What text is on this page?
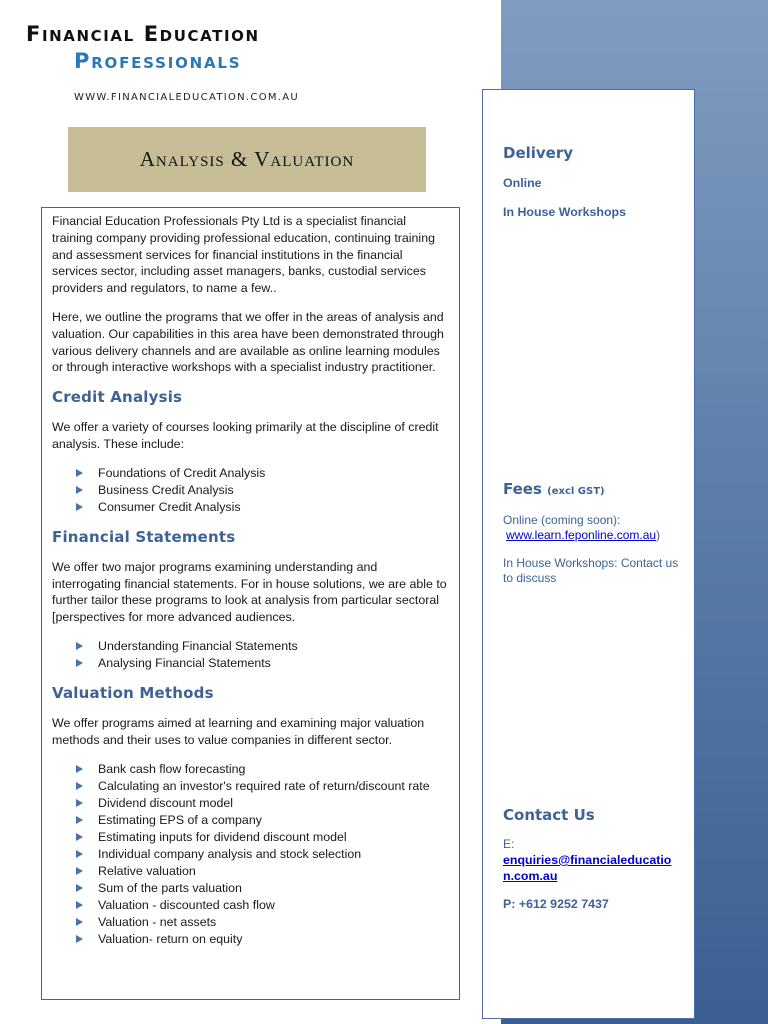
Financial Education
Professionals
WWW.FINANCIALEDUCATION.COM.AU
Analysis & Valuation

Financial Education Professionals Pty Ltd is a specialist financial training company providing professional education, continuing training and assessment services for financial institutions in the financial services sector, including asset managers, banks, custodial services providers and regulators, to name a few..

Here, we outline the programs that we offer in the areas of analysis and valuation. Our capabilities in this area have been demonstrated through various delivery channels and are available as online learning modules or through interactive workshops with a specialist industry practitioner.

Credit Analysis

We offer a variety of courses looking primarily at the discipline of credit analysis. These include:

Foundations of Credit Analysis
Business Credit Analysis
Consumer Credit Analysis
Financial Statements

We offer two major programs examining understanding and interrogating financial statements. For in house solutions, we are able to further tailor these programs to look at analysis from particular sectoral [perspectives for more advanced audiences.

Understanding Financial Statements
Analysing Financial Statements
Valuation Methods

We offer programs aimed at learning and examining major valuation methods and their uses to value companies in different sector.

Bank cash flow forecasting
Calculating an investor's required rate of return/discount rate
Dividend discount model
Estimating EPS of a company
Estimating inputs for dividend discount model
Individual company analysis and stock selection
Relative valuation
Sum of the parts valuation
Valuation - discounted cash flow
Valuation - net assets
Valuation- return on equity
Delivery
Online
In House Workshops
Fees (excl GST)
Online (coming soon):
www.learn.feponline.com.au)
In House Workshops: Contact us to discuss
Contact Us
E:
enquiries@financialeducation.com.au
P: +612 9252 7437
